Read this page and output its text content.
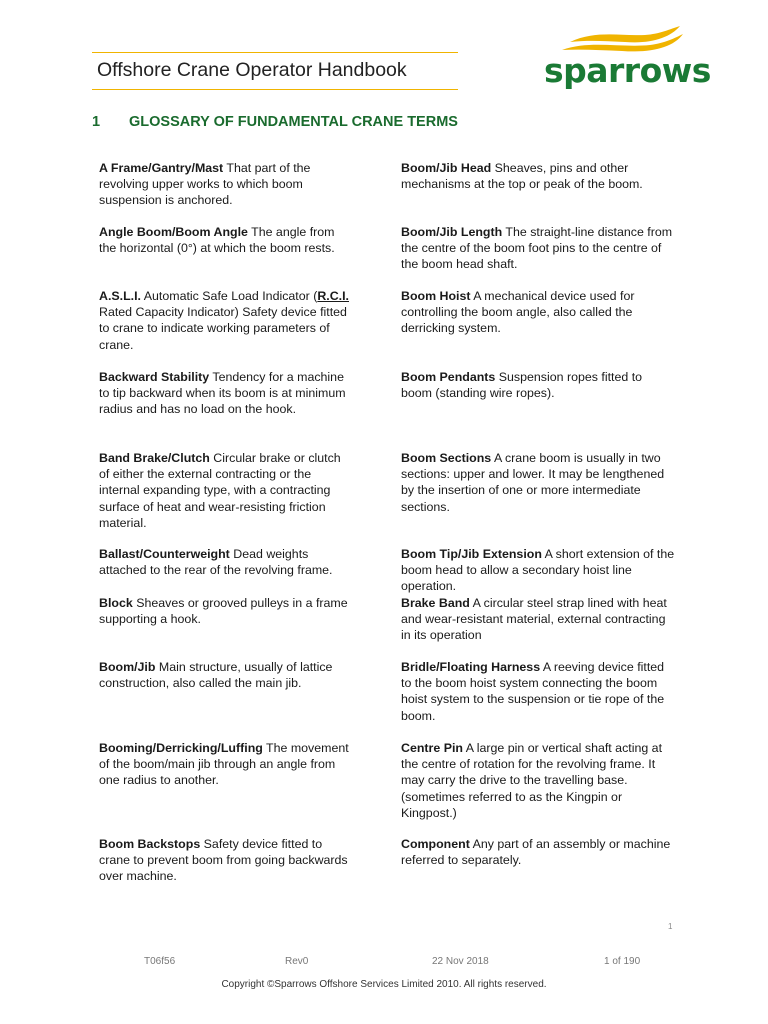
Offshore Crane Operator Handbook	sparrows
1 GLOSSARY OF FUNDAMENTAL CRANE TERMS
A Frame/Gantry/Mast That part of the revolving upper works to which boom suspension is anchored.
Angle Boom/Boom Angle The angle from the horizontal (0°) at which the boom rests.
A.S.L.I. Automatic Safe Load Indicator (R.C.I. Rated Capacity Indicator) Safety device fitted to crane to indicate working parameters of crane.
Backward Stability Tendency for a machine to tip backward when its boom is at minimum radius and has no load on the hook.
Band Brake/Clutch Circular brake or clutch of either the external contracting or the internal expanding type, with a contracting surface of heat and wear-resisting friction material.
Ballast/Counterweight Dead weights attached to the rear of the revolving frame.
Block Sheaves or grooved pulleys in a frame supporting a hook.
Boom/Jib Main structure, usually of lattice construction, also called the main jib.
Booming/Derricking/Luffing The movement of the boom/main jib through an angle from one radius to another.
Boom Backstops Safety device fitted to crane to prevent boom from going backwards over machine.
Boom/Jib Head Sheaves, pins and other mechanisms at the top or peak of the boom.
Boom/Jib Length The straight-line distance from the centre of the boom foot pins to the centre of the boom head shaft.
Boom Hoist A mechanical device used for controlling the boom angle, also called the derricking system.
Boom Pendants Suspension ropes fitted to boom (standing wire ropes).
Boom Sections A crane boom is usually in two sections: upper and lower. It may be lengthened by the insertion of one or more intermediate sections.
Boom Tip/Jib Extension A short extension of the boom head to allow a secondary hoist line operation.
Brake Band A circular steel strap lined with heat and wear-resistant material, external contracting in its operation
Bridle/Floating Harness A reeving device fitted to the boom hoist system connecting the boom hoist system to the suspension or tie rope of the boom.
Centre Pin A large pin or vertical shaft acting at the centre of rotation for the revolving frame. It may carry the drive to the travelling base. (sometimes referred to as the Kingpin or Kingpost.)
Component Any part of an assembly or machine referred to separately.
1
T06f56	Rev0	22 Nov 2018	1 of 190
Copyright ©Sparrows Offshore Services Limited 2010. All rights reserved.
